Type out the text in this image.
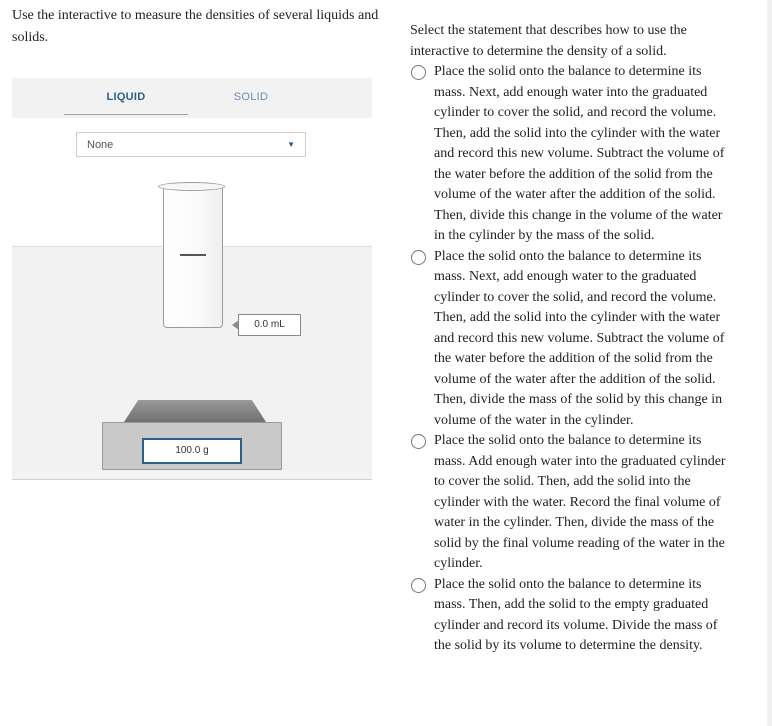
Use the interactive to measure the densities of several liquids and solids.
LIQUID	SOLID
None	▼
0.0 mL
100.0 g
Select the statement that describes how to use the interactive to determine the density of a solid.
Place the solid onto the balance to determine its mass. Next, add enough water into the graduated cylinder to cover the solid, and record the volume. Then, add the solid into the cylinder with the water and record this new volume. Subtract the volume of the water before the addition of the solid from the volume of the water after the addition of the solid. Then, divide this change in the volume of the water in the cylinder by the mass of the solid.
Place the solid onto the balance to determine its mass. Next, add enough water to the graduated cylinder to cover the solid, and record the volume. Then, add the solid into the cylinder with the water and record this new volume. Subtract the volume of the water before the addition of the solid from the volume of the water after the addition of the solid. Then, divide the mass of the solid by this change in volume of the water in the cylinder.
Place the solid onto the balance to determine its mass. Add enough water into the graduated cylinder to cover the solid. Then, add the solid into the cylinder with the water. Record the final volume of water in the cylinder. Then, divide the mass of the solid by the final volume reading of the water in the cylinder.
Place the solid onto the balance to determine its mass. Then, add the solid to the empty graduated cylinder and record its volume. Divide the mass of the solid by its volume to determine the density.
